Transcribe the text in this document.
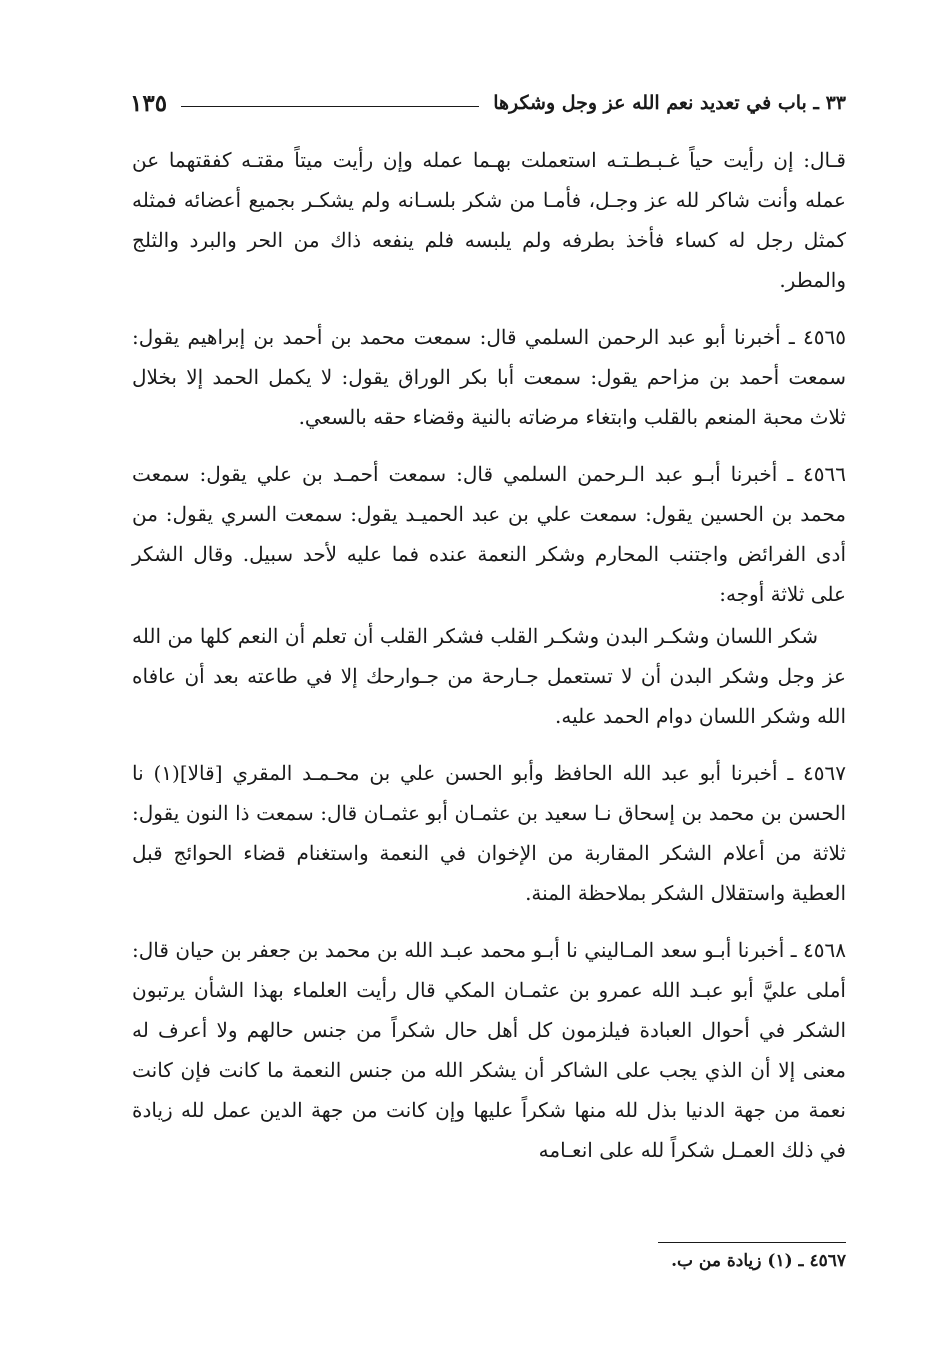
٣٣ ـ باب في تعديد نعم الله عز وجل وشكرها
١٣٥

قـال: إن رأيت حياً غـبـطـتـه استعملت بهـما عمله وإن رأيت ميتاً مقتـه كفقتهما عن عمله وأنت شاكر لله عز وجـل، فأمـا من شكر بلسـانه ولم يشكـر بجميع أعضائه فمثله كمثل رجل له كساء فأخذ بطرفه ولم يلبسه فلم ينفعه ذاك من الحر والبرد والثلج والمطر.

٤٥٦٥ ـ أخبرنا أبو عبد الرحمن السلمي قال: سمعت محمد بن أحمد بن إبراهيم يقول: سمعت أحمد بن مزاحم يقول: سمعت أبا بكر الوراق يقول: لا يكمل الحمد إلا بخلال ثلاث محبة المنعم بالقلب وابتغاء مرضاته بالنية وقضاء حقه بالسعي.

٤٥٦٦ ـ أخبرنا أبـو عبد الـرحمن السلمي قال: سمعت أحمـد بن علي يقول: سمعت محمد بن الحسين يقول: سمعت علي بن عبد الحميـد يقول: سمعت السري يقول: من أدى الفرائض واجتنب المحارم وشكر النعمة عنده فما عليه لأحد سبيل. وقال الشكر على ثلاثة أوجه:

شكر اللسان وشكـر البدن وشكـر القلب فشكر القلب أن تعلم أن النعم كلها من الله عز وجل وشكر البدن أن لا تستعمل جـارحة من جـوارحك إلا في طاعته بعد أن عافاه الله وشكر اللسان دوام الحمد عليه.

٤٥٦٧ ـ أخبرنا أبو عبد الله الحافظ وأبو الحسن علي بن محـمـد المقري [قالا](١) نا الحسن بن محمد بن إسحاق نـا سعيد بن عثمـان أبو عثمـان قال: سمعت ذا النون يقول: ثلاثة من أعلام الشكر المقاربة من الإخوان في النعمة واستغنام قضاء الحوائج قبل العطية واستقلال الشكر بملاحظة المنة.

٤٥٦٨ ـ أخبرنا أبـو سعد المـاليني نا أبـو محمد عبـد الله بن محمد بن جعفر بن حيان قال: أملى عليَّ أبو عبـد الله عمرو بن عثمـان المكي قال رأيت العلماء بهذا الشأن يرتبون الشكر في أحوال العبادة فيلزمون كل أهل حال شكراً من جنس حالهم ولا أعرف له معنى إلا أن الذي يجب على الشاكر أن يشكر الله من جنس النعمة ما كانت فإن كانت نعمة من جهة الدنيا بذل لله منها شكراً عليها وإن كانت من جهة الدين عمل لله زيادة في ذلك العمـل شكراً لله على انعـامه

٤٥٦٧ ـ (١) زيادة من ب.
